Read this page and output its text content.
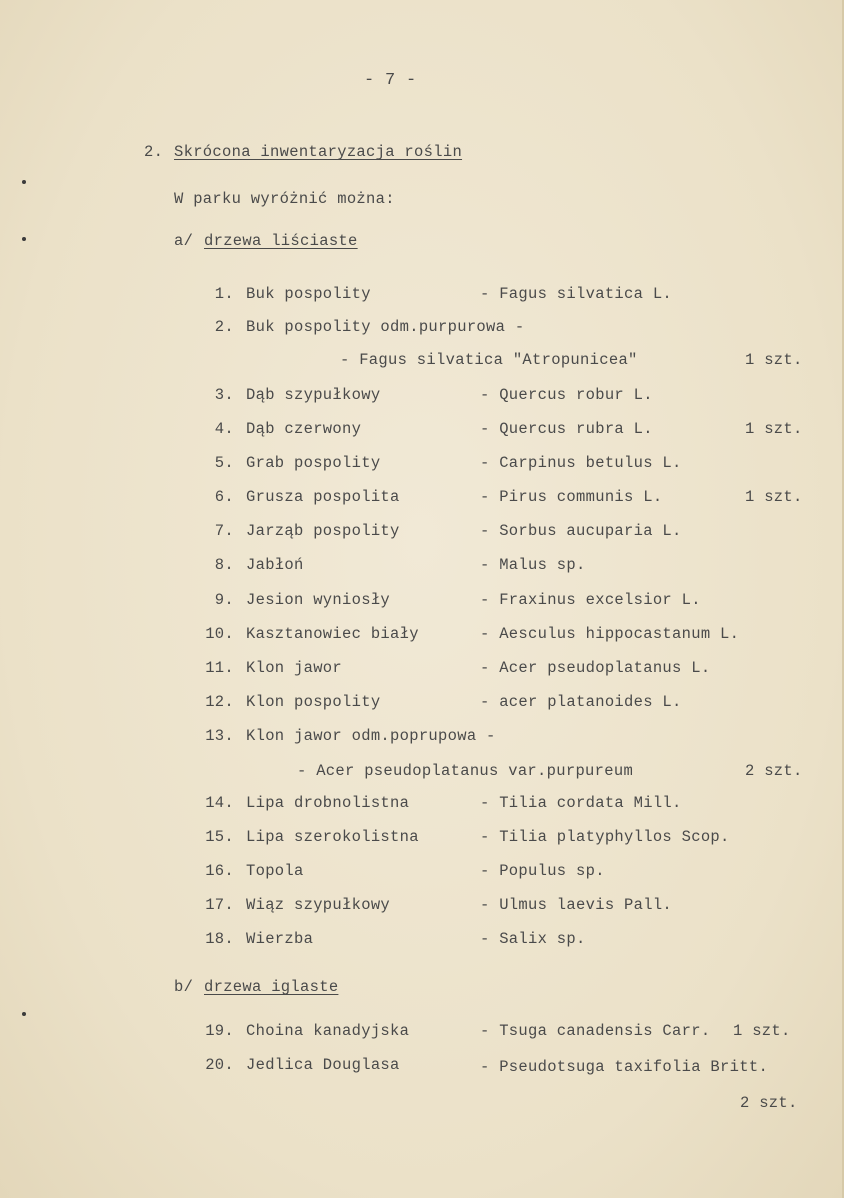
- 7 -
2. Skrócona inwentaryzacja roślin
W parku wyróżnić można:
a/ drzewa liściaste
1. Buk pospolity	- Fagus silvatica L.
2. Buk pospolity odm.purpurowa -
- Fagus silvatica "Atropunicea"	1 szt.
3. Dąb szypułkowy	- Quercus robur L.
4. Dąb czerwony	- Quercus rubra L.	1 szt.
5. Grab pospolity	- Carpinus betulus L.
6. Grusza pospolita	- Pirus communis L.	1 szt.
7. Jarząb pospolity	- Sorbus aucuparia L.
8. Jabłoń	- Malus sp.
9. Jesion wyniosły	- Fraxinus excelsior L.
10. Kasztanowiec biały	- Aesculus hippocastanum L.
11. Klon jawor	- Acer pseudoplatanus L.
12. Klon pospolity	- acer platanoides L.
13. Klon jawor odm.poprupowa -
- Acer pseudoplatanus var.purpureum	2 szt.
14. Lipa drobnolistna	- Tilia cordata Mill.
15. Lipa szerokolistna	- Tilia platyphyllos Scop.
16. Topola	- Populus sp.
17. Wiąz szypułkowy	- Ulmus laevis Pall.
18. Wierzba	- Salix sp.
b/ drzewa iglaste
19. Choina kanadyjska	- Tsuga canadensis Carr. 1 szt.
20. Jedlica Douglasa	- Pseudotsuga taxifolia Britt.
2 szt.
